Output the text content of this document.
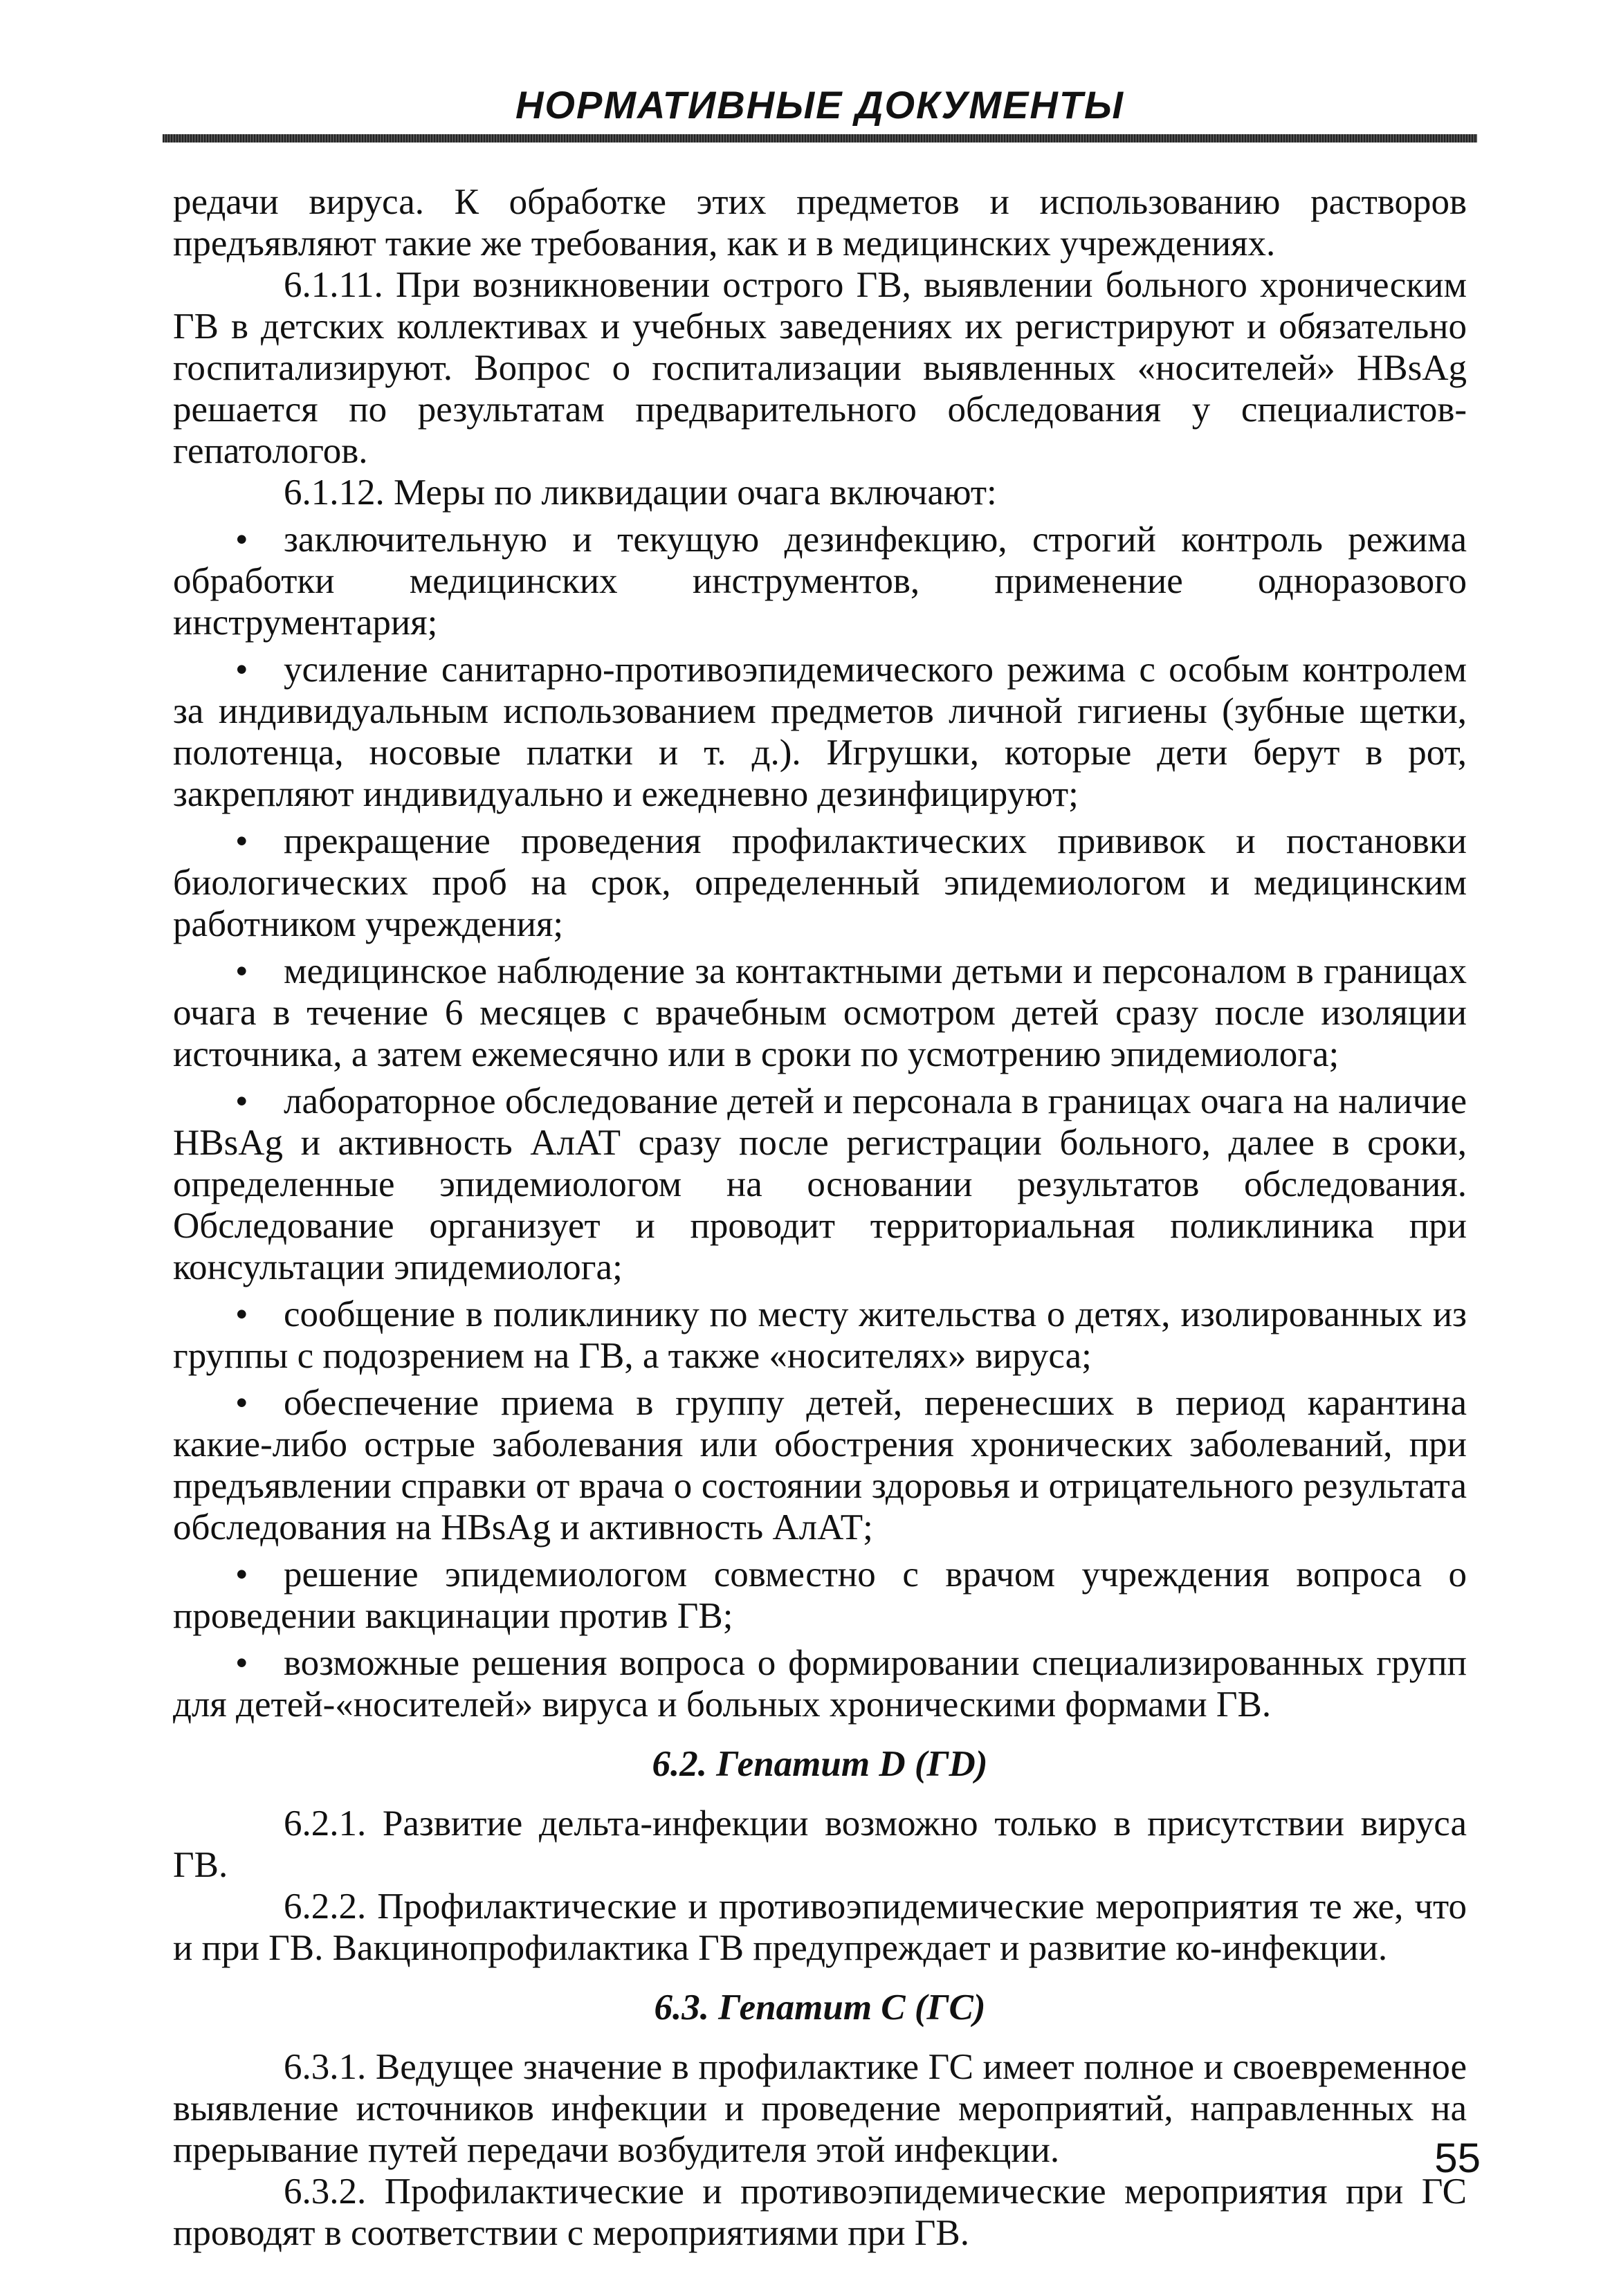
НОРМАТИВНЫЕ ДОКУМЕНТЫ

редачи вируса. К обработке этих предметов и использованию растворов предъявляют такие же требования, как и в медицинских учреждениях.

6.1.11. При возникновении острого ГВ, выявлении больного хроническим ГВ в детских коллективах и учебных заведениях их регистрируют и обязательно госпитализируют. Вопрос о госпитализации выявленных «носителей» HBsAg решается по результатам предварительного обследования у специалистов-гепатологов.

6.1.12. Меры по ликвидации очага включают:

• заключительную и текущую дезинфекцию, строгий контроль режима обработки медицинских инструментов, применение одноразового инструментария;

• усиление санитарно-противоэпидемического режима с особым контролем за индивидуальным использованием предметов личной гигиены (зубные щетки, полотенца, носовые платки и т. д.). Игрушки, которые дети берут в рот, закрепляют индивидуально и ежедневно дезинфицируют;

• прекращение проведения профилактических прививок и постановки биологических проб на срок, определенный эпидемиологом и медицинским работником учреждения;

• медицинское наблюдение за контактными детьми и персоналом в границах очага в течение 6 месяцев с врачебным осмотром детей сразу после изоляции источника, а затем ежемесячно или в сроки по усмотрению эпидемиолога;

• лабораторное обследование детей и персонала в границах очага на наличие HBsAg и активность АлАТ сразу после регистрации больного, далее в сроки, определенные эпидемиологом на основании результатов обследования. Обследование организует и проводит территориальная поликлиника при консультации эпидемиолога;

• сообщение в поликлинику по месту жительства о детях, изолированных из группы с подозрением на ГВ, а также «носителях» вируса;

• обеспечение приема в группу детей, перенесших в период карантина какие-либо острые заболевания или обострения хронических заболеваний, при предъявлении справки от врача о состоянии здоровья и отрицательного результата обследования на HBsAg и активность АлАТ;

• решение эпидемиологом совместно с врачом учреждения вопроса о проведении вакцинации против ГВ;

• возможные решения вопроса о формировании специализированных групп для детей-«носителей» вируса и больных хроническими формами ГВ.

6.2. Гепатит D (ГD)

6.2.1. Развитие дельта-инфекции возможно только в присутствии вируса ГВ.

6.2.2. Профилактические и противоэпидемические мероприятия те же, что и при ГВ. Вакцинопрофилактика ГВ предупреждает и развитие ко-инфекции.

6.3. Гепатит С (ГС)

6.3.1. Ведущее значение в профилактике ГС имеет полное и своевременное выявление источников инфекции и проведение мероприятий, направленных на прерывание путей передачи возбудителя этой инфекции.

6.3.2. Профилактические и противоэпидемические мероприятия при ГС проводят в соответствии с мероприятиями при ГВ.

55
